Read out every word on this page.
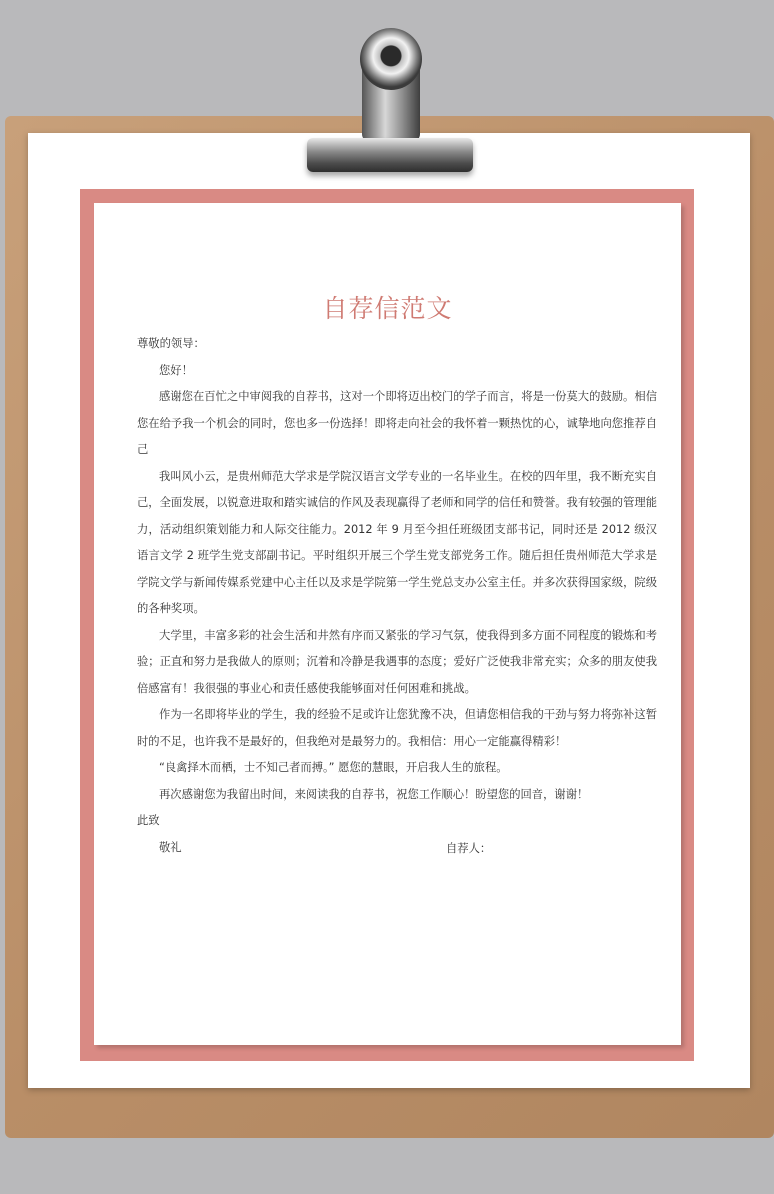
自荐信范文

尊敬的领导：

您好！

感谢您在百忙之中审阅我的自荐书，这对一个即将迈出校门的学子而言，将是一份莫大的鼓励。相信您在给予我一个机会的同时，您也多一份选择！即将走向社会的我怀着一颗热忱的心，诚挚地向您推荐自己

我叫风小云，是贵州师范大学求是学院汉语言文学专业的一名毕业生。在校的四年里，我不断充实自己，全面发展，以锐意进取和踏实诚信的作风及表现赢得了老师和同学的信任和赞誉。我有较强的管理能力，活动组织策划能力和人际交往能力。2012 年 9 月至今担任班级团支部书记，同时还是 2012 级汉语言文学 2 班学生党支部副书记。平时组织开展三个学生党支部党务工作。随后担任贵州师范大学求是学院文学与新闻传媒系党建中心主任以及求是学院第一学生党总支办公室主任。并多次获得国家级，院级的各种奖项。

大学里，丰富多彩的社会生活和井然有序而又紧张的学习气氛，使我得到多方面不同程度的锻炼和考验；正直和努力是我做人的原则；沉着和冷静是我遇事的态度；爱好广泛使我非常充实；众多的朋友使我倍感富有！我很强的事业心和责任感使我能够面对任何困难和挑战。

作为一名即将毕业的学生，我的经验不足或许让您犹豫不决，但请您相信我的干劲与努力将弥补这暂时的不足，也许我不是最好的，但我绝对是最努力的。我相信：用心一定能赢得精彩！

“良禽择木而栖，士不知己者而搏。” 愿您的慧眼，开启我人生的旅程。

再次感谢您为我留出时间，来阅读我的自荐书，祝您工作顺心！盼望您的回音，谢谢！

此致

敬礼	自荐人：
